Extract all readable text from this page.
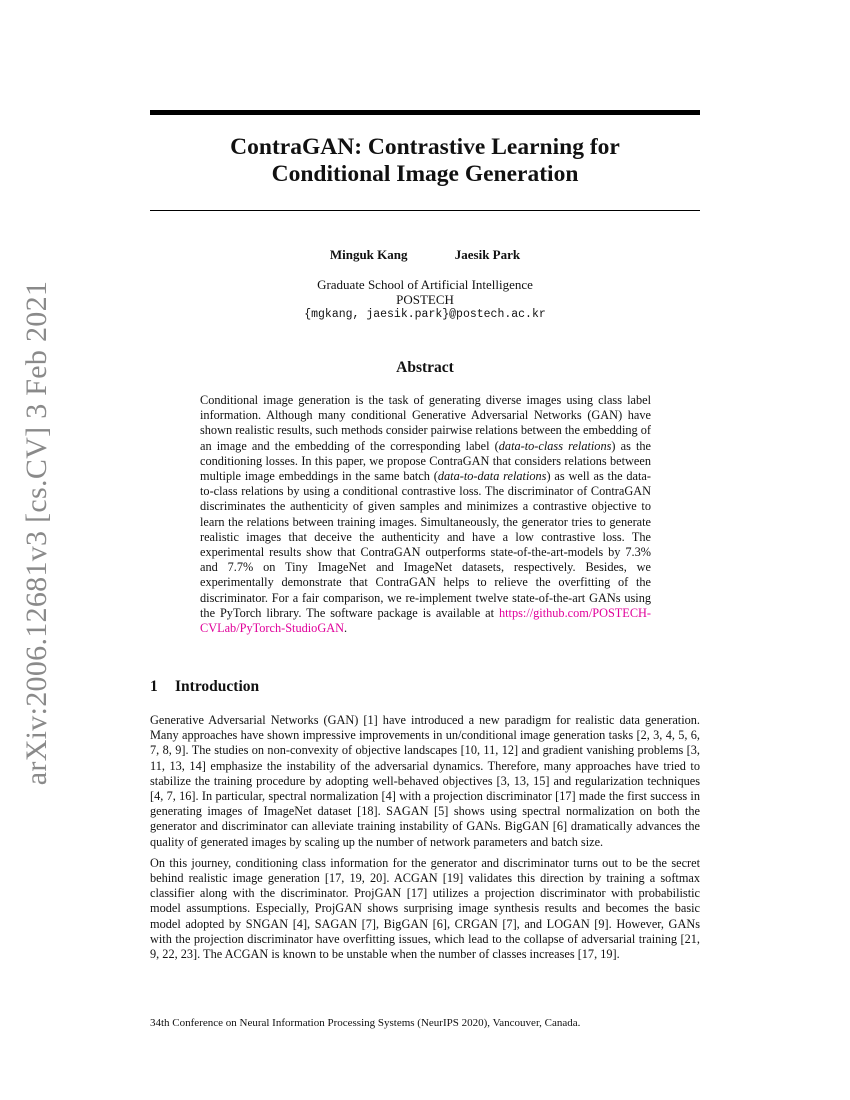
arXiv:2006.12681v3 [cs.CV] 3 Feb 2021
ContraGAN: Contrastive Learning for
Conditional Image Generation
Minguk Kang	Jaesik Park
Graduate School of Artificial Intelligence
POSTECH
{mgkang, jaesik.park}@postech.ac.kr
Abstract
Conditional image generation is the task of generating diverse images using class label information. Although many conditional Generative Adversarial Networks (GAN) have shown realistic results, such methods consider pairwise relations between the embedding of an image and the embedding of the corresponding label (data-to-class relations) as the conditioning losses. In this paper, we propose ContraGAN that considers relations between multiple image embeddings in the same batch (data-to-data relations) as well as the data-to-class relations by using a conditional contrastive loss. The discriminator of ContraGAN discriminates the authenticity of given samples and minimizes a contrastive objective to learn the relations between training images. Simultaneously, the generator tries to generate realistic images that deceive the authenticity and have a low contrastive loss. The experimental results show that ContraGAN outperforms state-of-the-art-models by 7.3% and 7.7% on Tiny ImageNet and ImageNet datasets, respectively. Besides, we experimentally demonstrate that ContraGAN helps to relieve the overfitting of the discriminator. For a fair comparison, we re-implement twelve state-of-the-art GANs using the PyTorch library. The software package is available at https://github.com/POSTECH-CVLab/PyTorch-StudioGAN.
1 Introduction

Generative Adversarial Networks (GAN) [1] have introduced a new paradigm for realistic data generation. Many approaches have shown impressive improvements in un/conditional image generation tasks [2, 3, 4, 5, 6, 7, 8, 9]. The studies on non-convexity of objective landscapes [10, 11, 12] and gradient vanishing problems [3, 11, 13, 14] emphasize the instability of the adversarial dynamics. Therefore, many approaches have tried to stabilize the training procedure by adopting well-behaved objectives [3, 13, 15] and regularization techniques [4, 7, 16]. In particular, spectral normalization [4] with a projection discriminator [17] made the first success in generating images of ImageNet dataset [18]. SAGAN [5] shows using spectral normalization on both the generator and discriminator can alleviate training instability of GANs. BigGAN [6] dramatically advances the quality of generated images by scaling up the number of network parameters and batch size.

On this journey, conditioning class information for the generator and discriminator turns out to be the secret behind realistic image generation [17, 19, 20]. ACGAN [19] validates this direction by training a softmax classifier along with the discriminator. ProjGAN [17] utilizes a projection discriminator with probabilistic model assumptions. Especially, ProjGAN shows surprising image synthesis results and becomes the basic model adopted by SNGAN [4], SAGAN [7], BigGAN [6], CRGAN [7], and LOGAN [9]. However, GANs with the projection discriminator have overfitting issues, which lead to the collapse of adversarial training [21, 9, 22, 23]. The ACGAN is known to be unstable when the number of classes increases [17, 19].

34th Conference on Neural Information Processing Systems (NeurIPS 2020), Vancouver, Canada.
